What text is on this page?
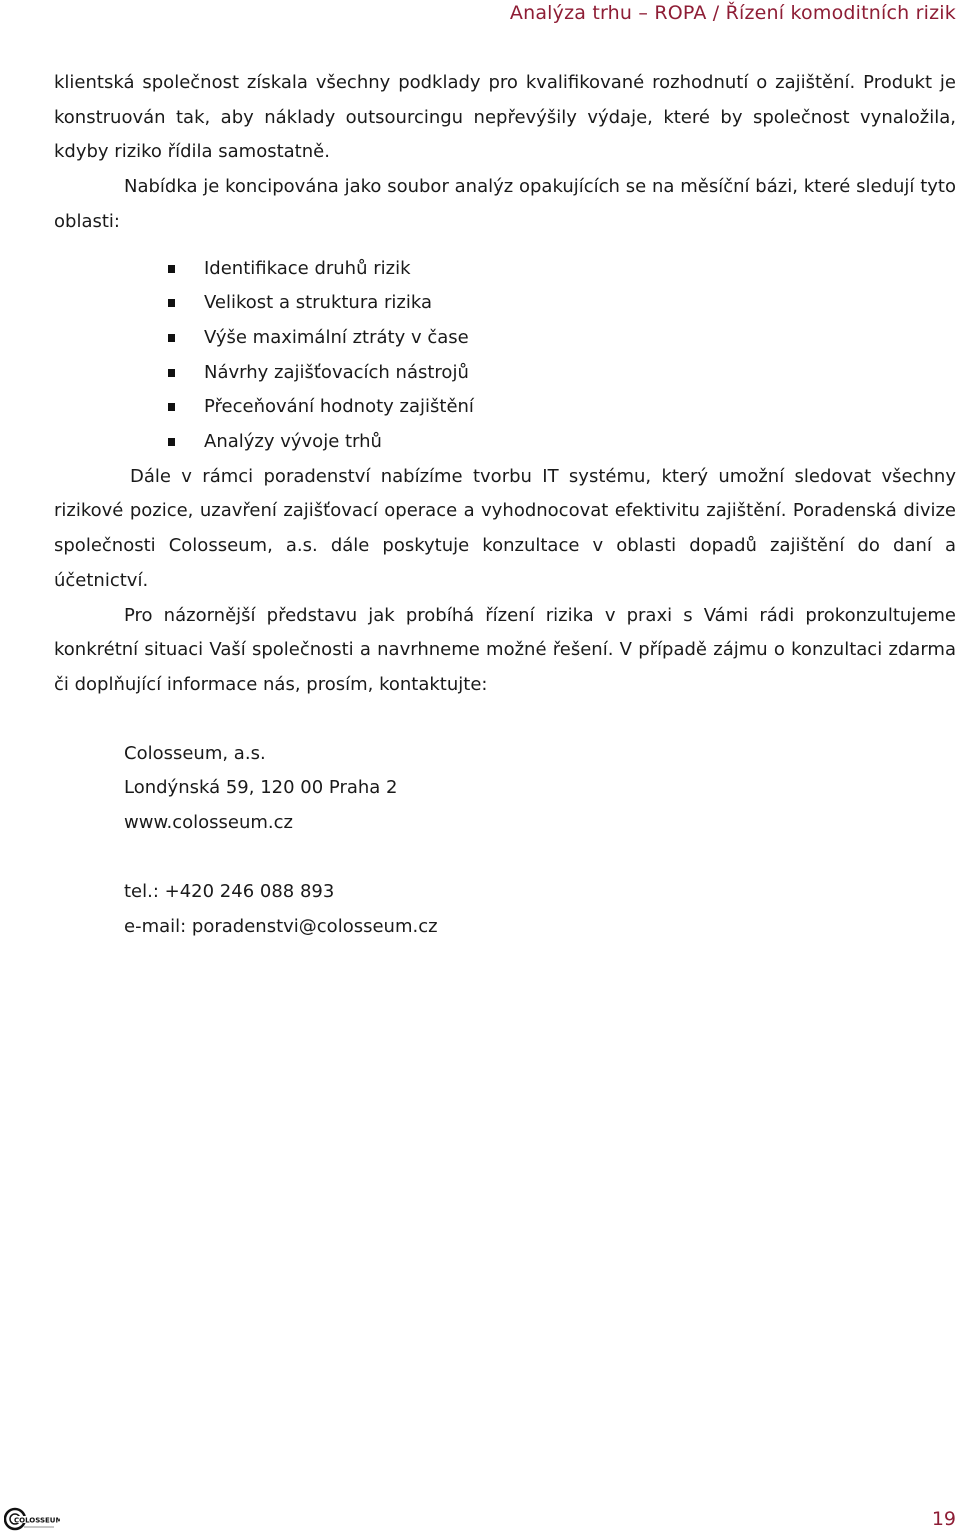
Analýza trhu – ROPA / Řízení komoditních rizik

klientská společnost získala všechny podklady pro kvalifikované rozhodnutí o zajištění. Produkt je konstruován tak, aby náklady outsourcingu nepřevýšily výdaje, které by společnost vynaložila, kdyby riziko řídila samostatně.

Nabídka je koncipována jako soubor analýz opakujících se na měsíční bázi, které sledují tyto oblasti:

Identifikace druhů rizik
Velikost a struktura rizika
Výše maximální ztráty v čase
Návrhy zajišťovacích nástrojů
Přeceňování hodnoty zajištění
Analýzy vývoje trhů

Dále v rámci poradenství nabízíme tvorbu IT systému, který umožní sledovat všechny rizikové pozice, uzavření zajišťovací operace a vyhodnocovat efektivitu zajištění. Poradenská divize společnosti Colosseum, a.s. dále poskytuje konzultace v oblasti dopadů zajištění do daní a účetnictví.

Pro názornější představu jak probíhá řízení rizika v praxi s Vámi rádi prokonzultujeme konkrétní situaci Vaší společnosti a navrhneme možné řešení. V případě zájmu o konzultaci zdarma či doplňující informace nás, prosím, kontaktujte:

Colosseum, a.s.
Londýnská 59, 120 00 Praha 2
www.colosseum.cz
tel.: +420 246 088 893
e-mail: poradenstvi@colosseum.cz
COLOSSEUM	19
